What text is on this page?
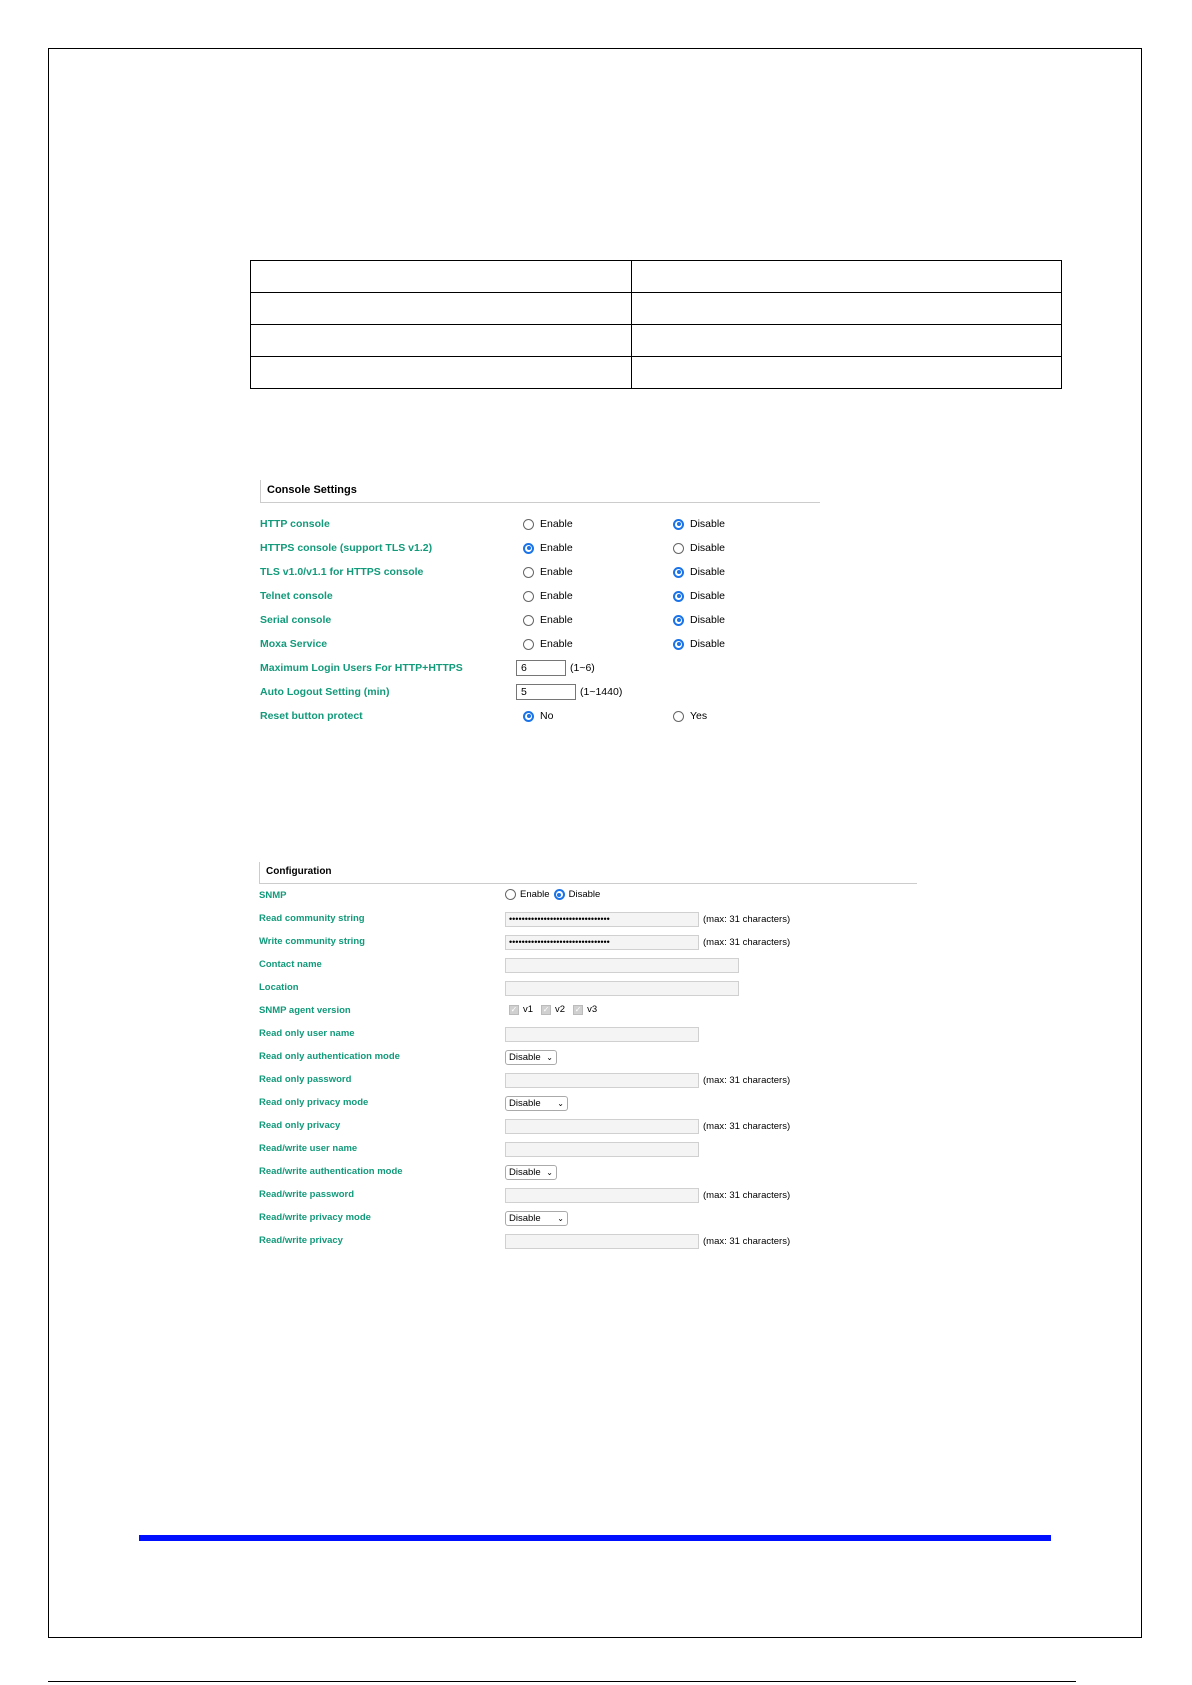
Console Settings
HTTP console	Enable	Disable
HTTPS console (support TLS v1.2)	Enable	Disable
TLS v1.0/v1.1 for HTTPS console	Enable	Disable
Telnet console	Enable	Disable
Serial console	Enable	Disable
Moxa Service	Enable	Disable
Maximum Login Users For HTTP+HTTPS	6	(1~6)
Auto Logout Setting (min)	5	(1~1440)
Reset button protect	No	Yes
Configuration
SNMP	Enable Disable
Read community string	••••••••••••••••••••••••••••••••	(max: 31 characters)
Write community string	••••••••••••••••••••••••••••••••	(max: 31 characters)
Contact name
Location
SNMP agent version	✓ v1 ✓ v2 ✓ v3
Read only user name
Read only authentication mode	Disable ⌄
Read only password	(max: 31 characters)
Read only privacy mode	Disable ⌄
Read only privacy	(max: 31 characters)
Read/write user name
Read/write authentication mode	Disable ⌄
Read/write password	(max: 31 characters)
Read/write privacy mode	Disable ⌄
Read/write privacy	(max: 31 characters)
